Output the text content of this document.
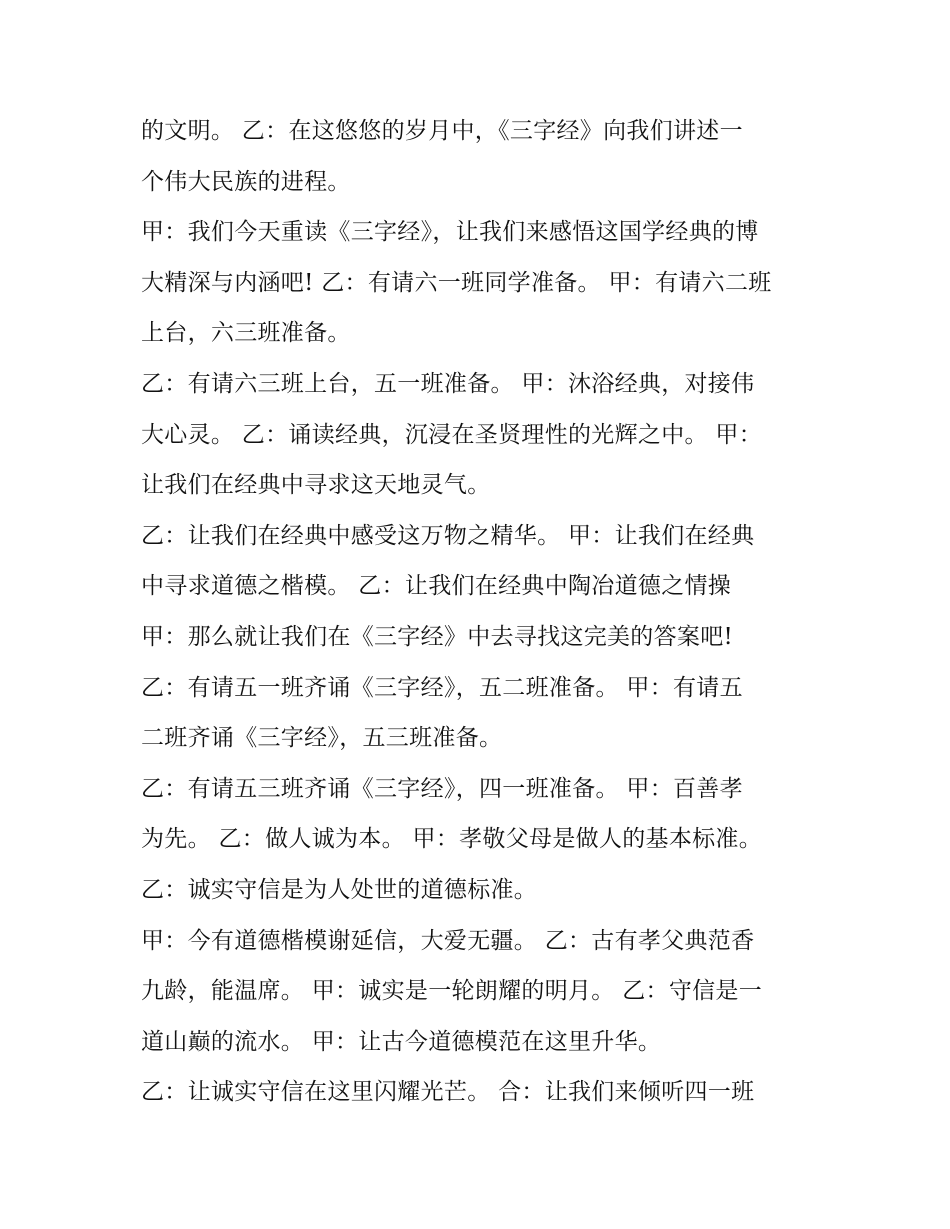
的文明。 乙：在这悠悠的岁月中，《三字经》向我们讲述一
个伟大民族的进程。
甲：我们今天重读《三字经》，让我们来感悟这国学经典的博
大精深与内涵吧! 乙：有请六一班同学准备。 甲：有请六二班
上台，六三班准备。
乙：有请六三班上台，五一班准备。 甲：沐浴经典，对接伟
大心灵。 乙：诵读经典，沉浸在圣贤理性的光辉之中。 甲：
让我们在经典中寻求这天地灵气。
乙：让我们在经典中感受这万物之精华。 甲：让我们在经典
中寻求道德之楷模。 乙：让我们在经典中陶冶道德之情操
甲：那么就让我们在《三字经》中去寻找这完美的答案吧!
乙：有请五一班齐诵《三字经》，五二班准备。 甲：有请五
二班齐诵《三字经》，五三班准备。
乙：有请五三班齐诵《三字经》，四一班准备。 甲：百善孝
为先。 乙：做人诚为本。 甲：孝敬父母是做人的基本标准。
乙：诚实守信是为人处世的道德标准。
甲：今有道德楷模谢延信，大爱无疆。 乙：古有孝父典范香
九龄，能温席。 甲：诚实是一轮朗耀的明月。 乙：守信是一
道山巅的流水。 甲：让古今道德模范在这里升华。
乙：让诚实守信在这里闪耀光芒。 合：让我们来倾听四一班
